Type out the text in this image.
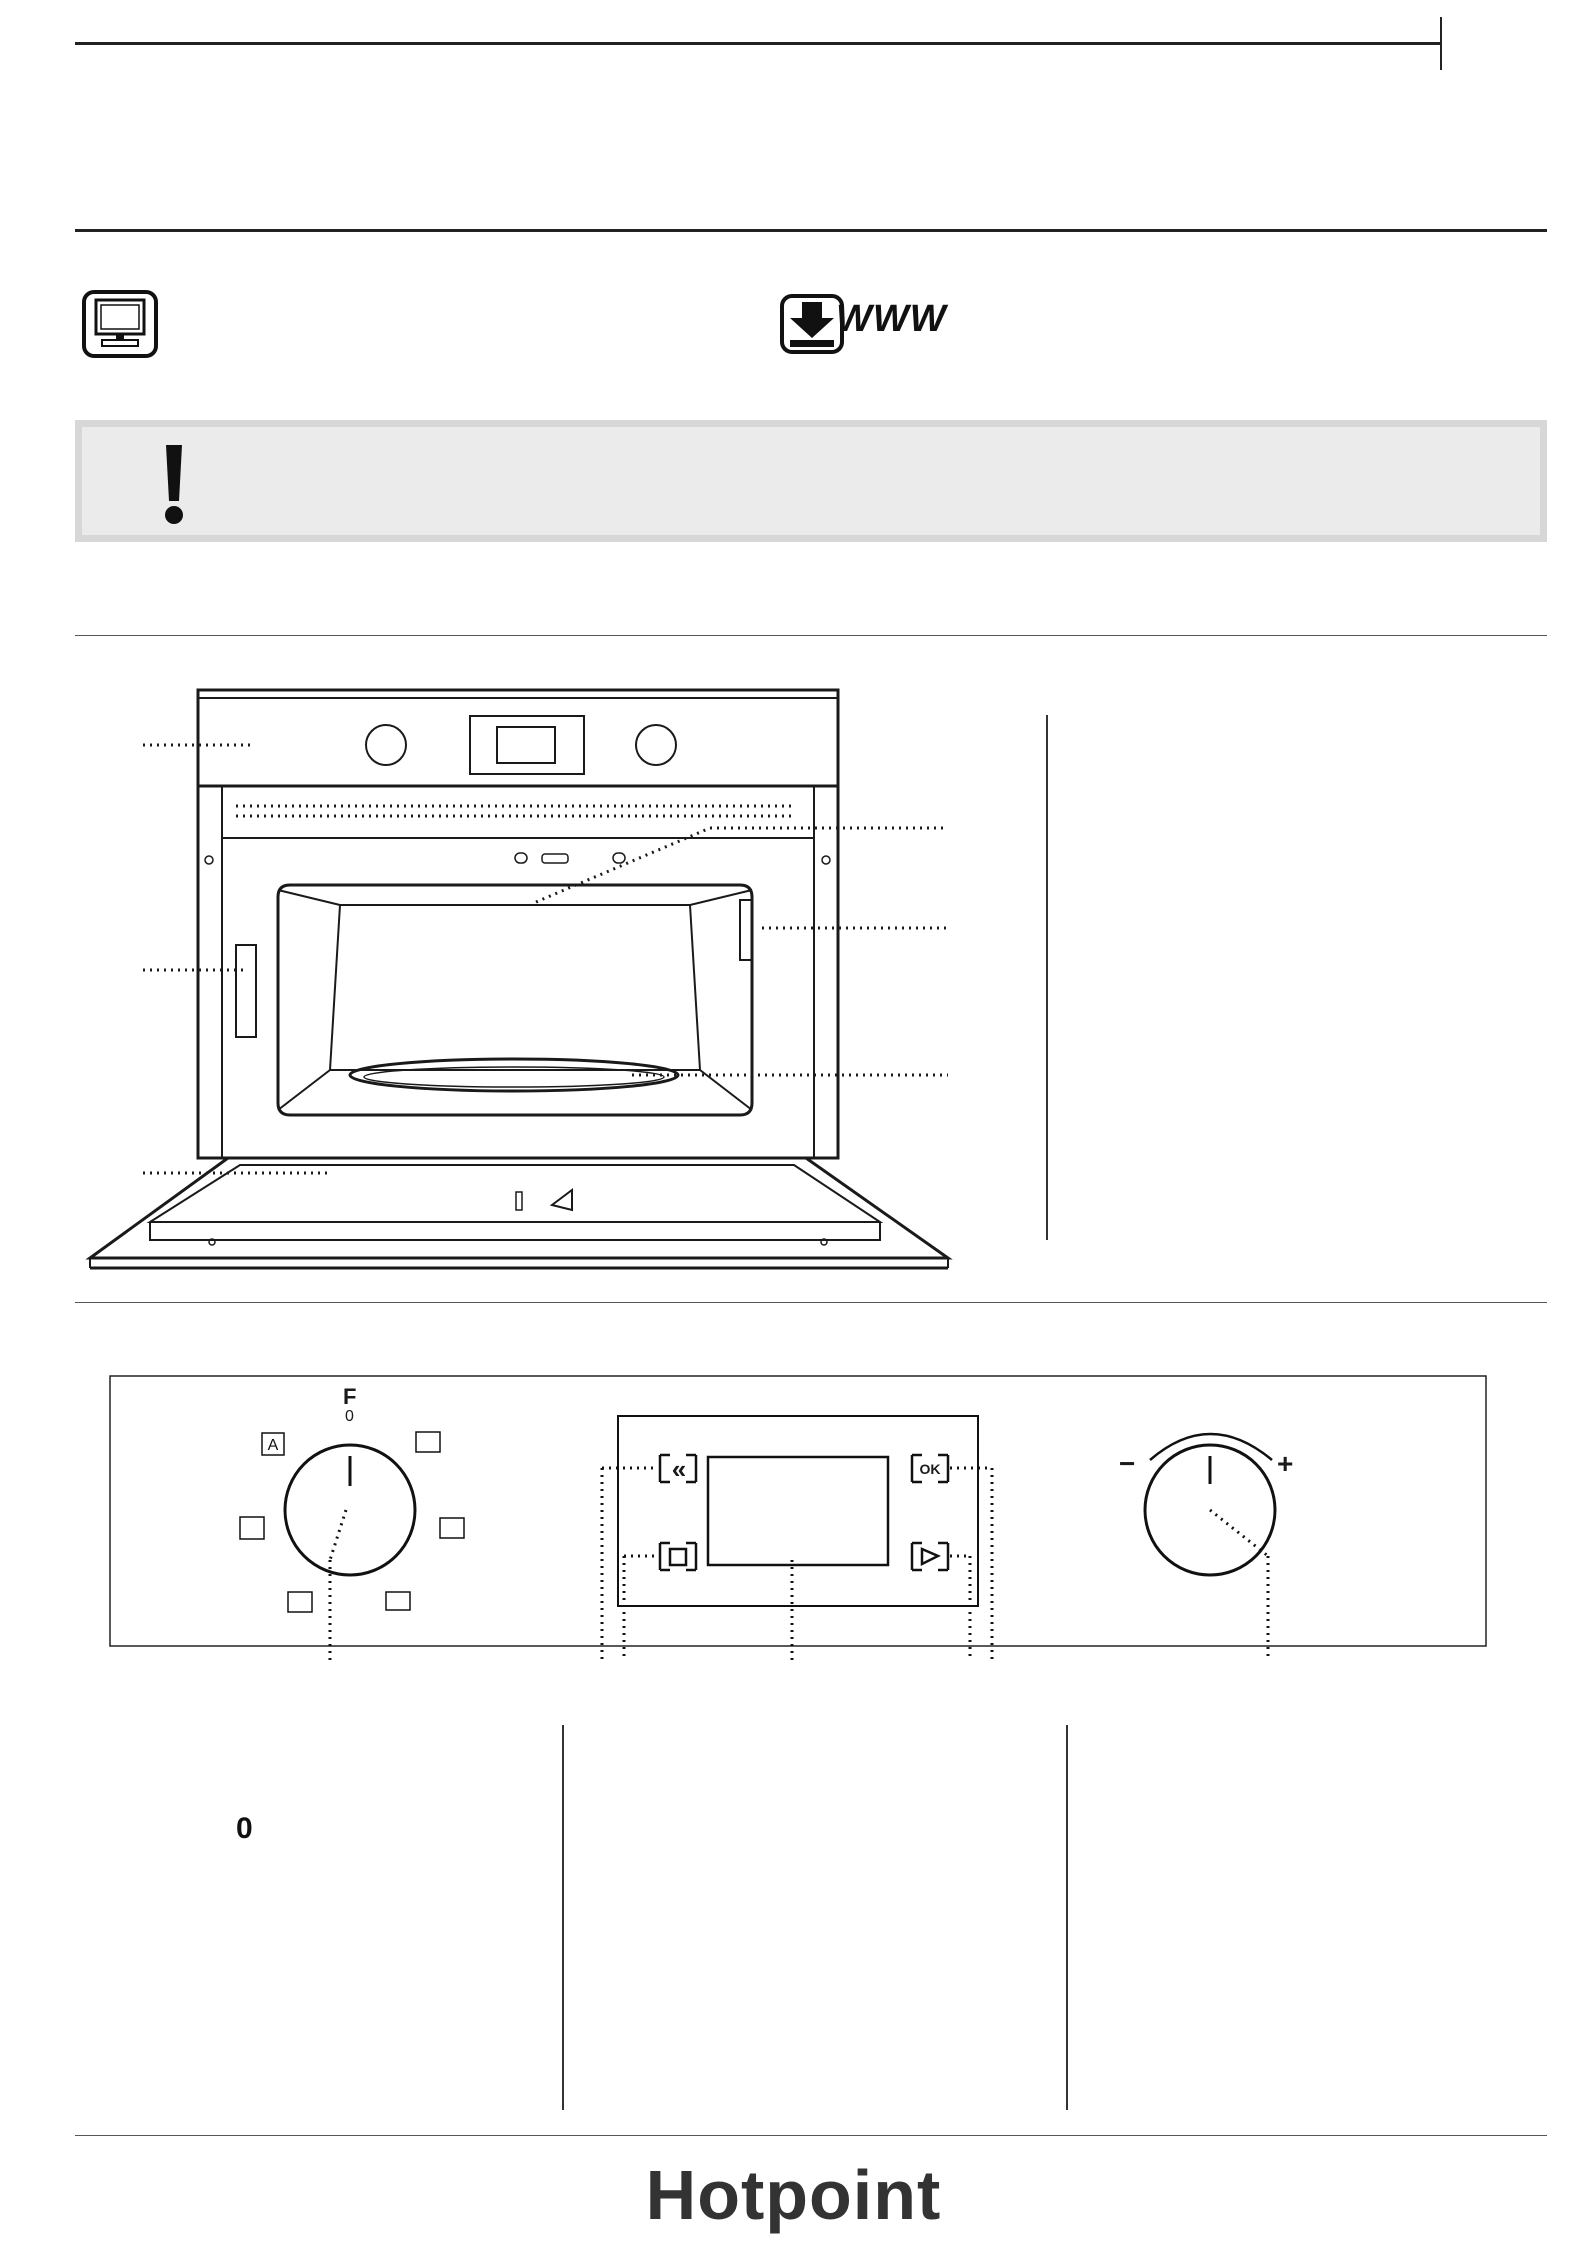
WWW
A
F
0
«	OK	−	+
0
Hotpoint
